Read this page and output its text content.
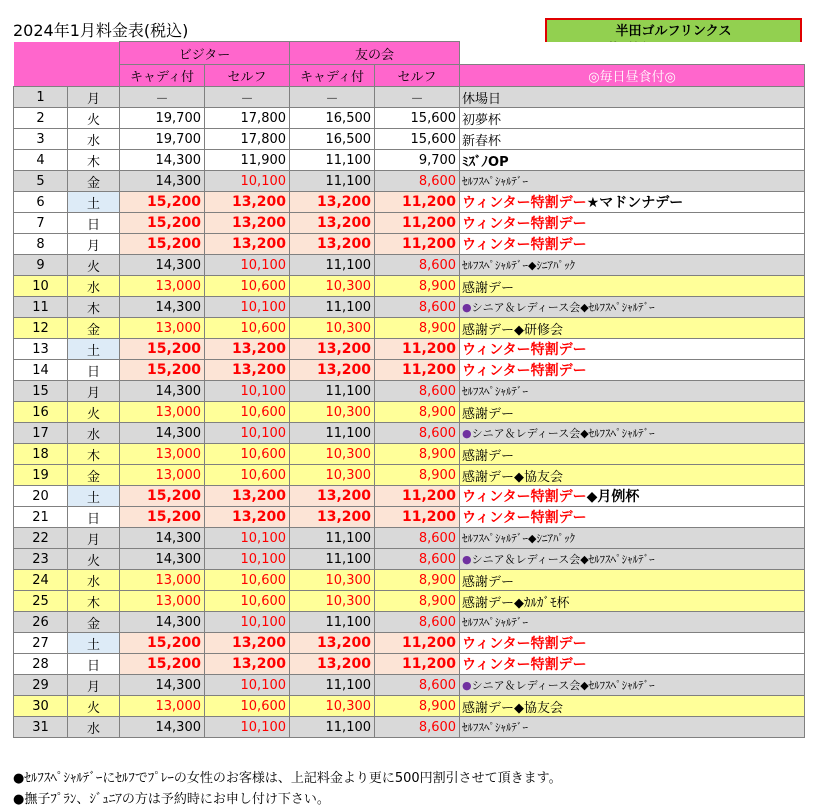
2024年1月料金表(税込)	半田ゴルフリンクス
		ビジター		友の会		
		キャディ付	セルフ	キャディ付	セルフ	◎毎日昼食付◎
1	月	－	－	－	－	休場日
2	火	19,700	17,800	16,500	15,600	初夢杯
3	水	19,700	17,800	16,500	15,600	新春杯
4	木	14,300	11,900	11,100	9,700	ﾐｽﾞﾉOP
5	金	14,300	10,100	11,100	8,600	ｾﾙﾌｽﾍﾟｼｬﾙﾃﾞｰ
6	土	15,200	13,200	13,200	11,200	ウィンター特割デー★マドンナデー
7	日	15,200	13,200	13,200	11,200	ウィンター特割デー
8	月	15,200	13,200	13,200	11,200	ウィンター特割デー
9	火	14,300	10,100	11,100	8,600	ｾﾙﾌｽﾍﾟｼｬﾙﾃﾞｰ◆ｼﾆｱﾊﾟｯｸ
10	水	13,000	10,600	10,300	8,900	感謝デー
11	木	14,300	10,100	11,100	8,600	●シニア＆レディース会◆ｾﾙﾌｽﾍﾟｼｬﾙﾃﾞｰ
12	金	13,000	10,600	10,300	8,900	感謝デー◆研修会
13	土	15,200	13,200	13,200	11,200	ウィンター特割デー
14	日	15,200	13,200	13,200	11,200	ウィンター特割デー
15	月	14,300	10,100	11,100	8,600	ｾﾙﾌｽﾍﾟｼｬﾙﾃﾞｰ
16	火	13,000	10,600	10,300	8,900	感謝デー
17	水	14,300	10,100	11,100	8,600	●シニア＆レディース会◆ｾﾙﾌｽﾍﾟｼｬﾙﾃﾞｰ
18	木	13,000	10,600	10,300	8,900	感謝デー
19	金	13,000	10,600	10,300	8,900	感謝デー◆協友会
20	土	15,200	13,200	13,200	11,200	ウィンター特割デー◆月例杯
21	日	15,200	13,200	13,200	11,200	ウィンター特割デー
22	月	14,300	10,100	11,100	8,600	ｾﾙﾌｽﾍﾟｼｬﾙﾃﾞｰ◆ｼﾆｱﾊﾟｯｸ
23	火	14,300	10,100	11,100	8,600	●シニア＆レディース会◆ｾﾙﾌｽﾍﾟｼｬﾙﾃﾞｰ
24	水	13,000	10,600	10,300	8,900	感謝デー
25	木	13,000	10,600	10,300	8,900	感謝デー◆ｶﾙｶﾞﾓ杯
26	金	14,300	10,100	11,100	8,600	ｾﾙﾌｽﾍﾟｼｬﾙﾃﾞｰ
27	土	15,200	13,200	13,200	11,200	ウィンター特割デー
28	日	15,200	13,200	13,200	11,200	ウィンター特割デー
29	月	14,300	10,100	11,100	8,600	●シニア＆レディース会◆ｾﾙﾌｽﾍﾟｼｬﾙﾃﾞｰ
30	火	13,000	10,600	10,300	8,900	感謝デー◆協友会
31	水	14,300	10,100	11,100	8,600	ｾﾙﾌｽﾍﾟｼｬﾙﾃﾞｰ
●ｾﾙﾌｽﾍﾟｼｬﾙﾃﾞｰにｾﾙﾌでﾌﾟﾚｰの女性のお客様は、上記料金より更に500円割引させて頂きます。
●撫子ﾌﾟﾗﾝ、ｼﾞｭﾆｱの方は予約時にお申し付け下さい。
